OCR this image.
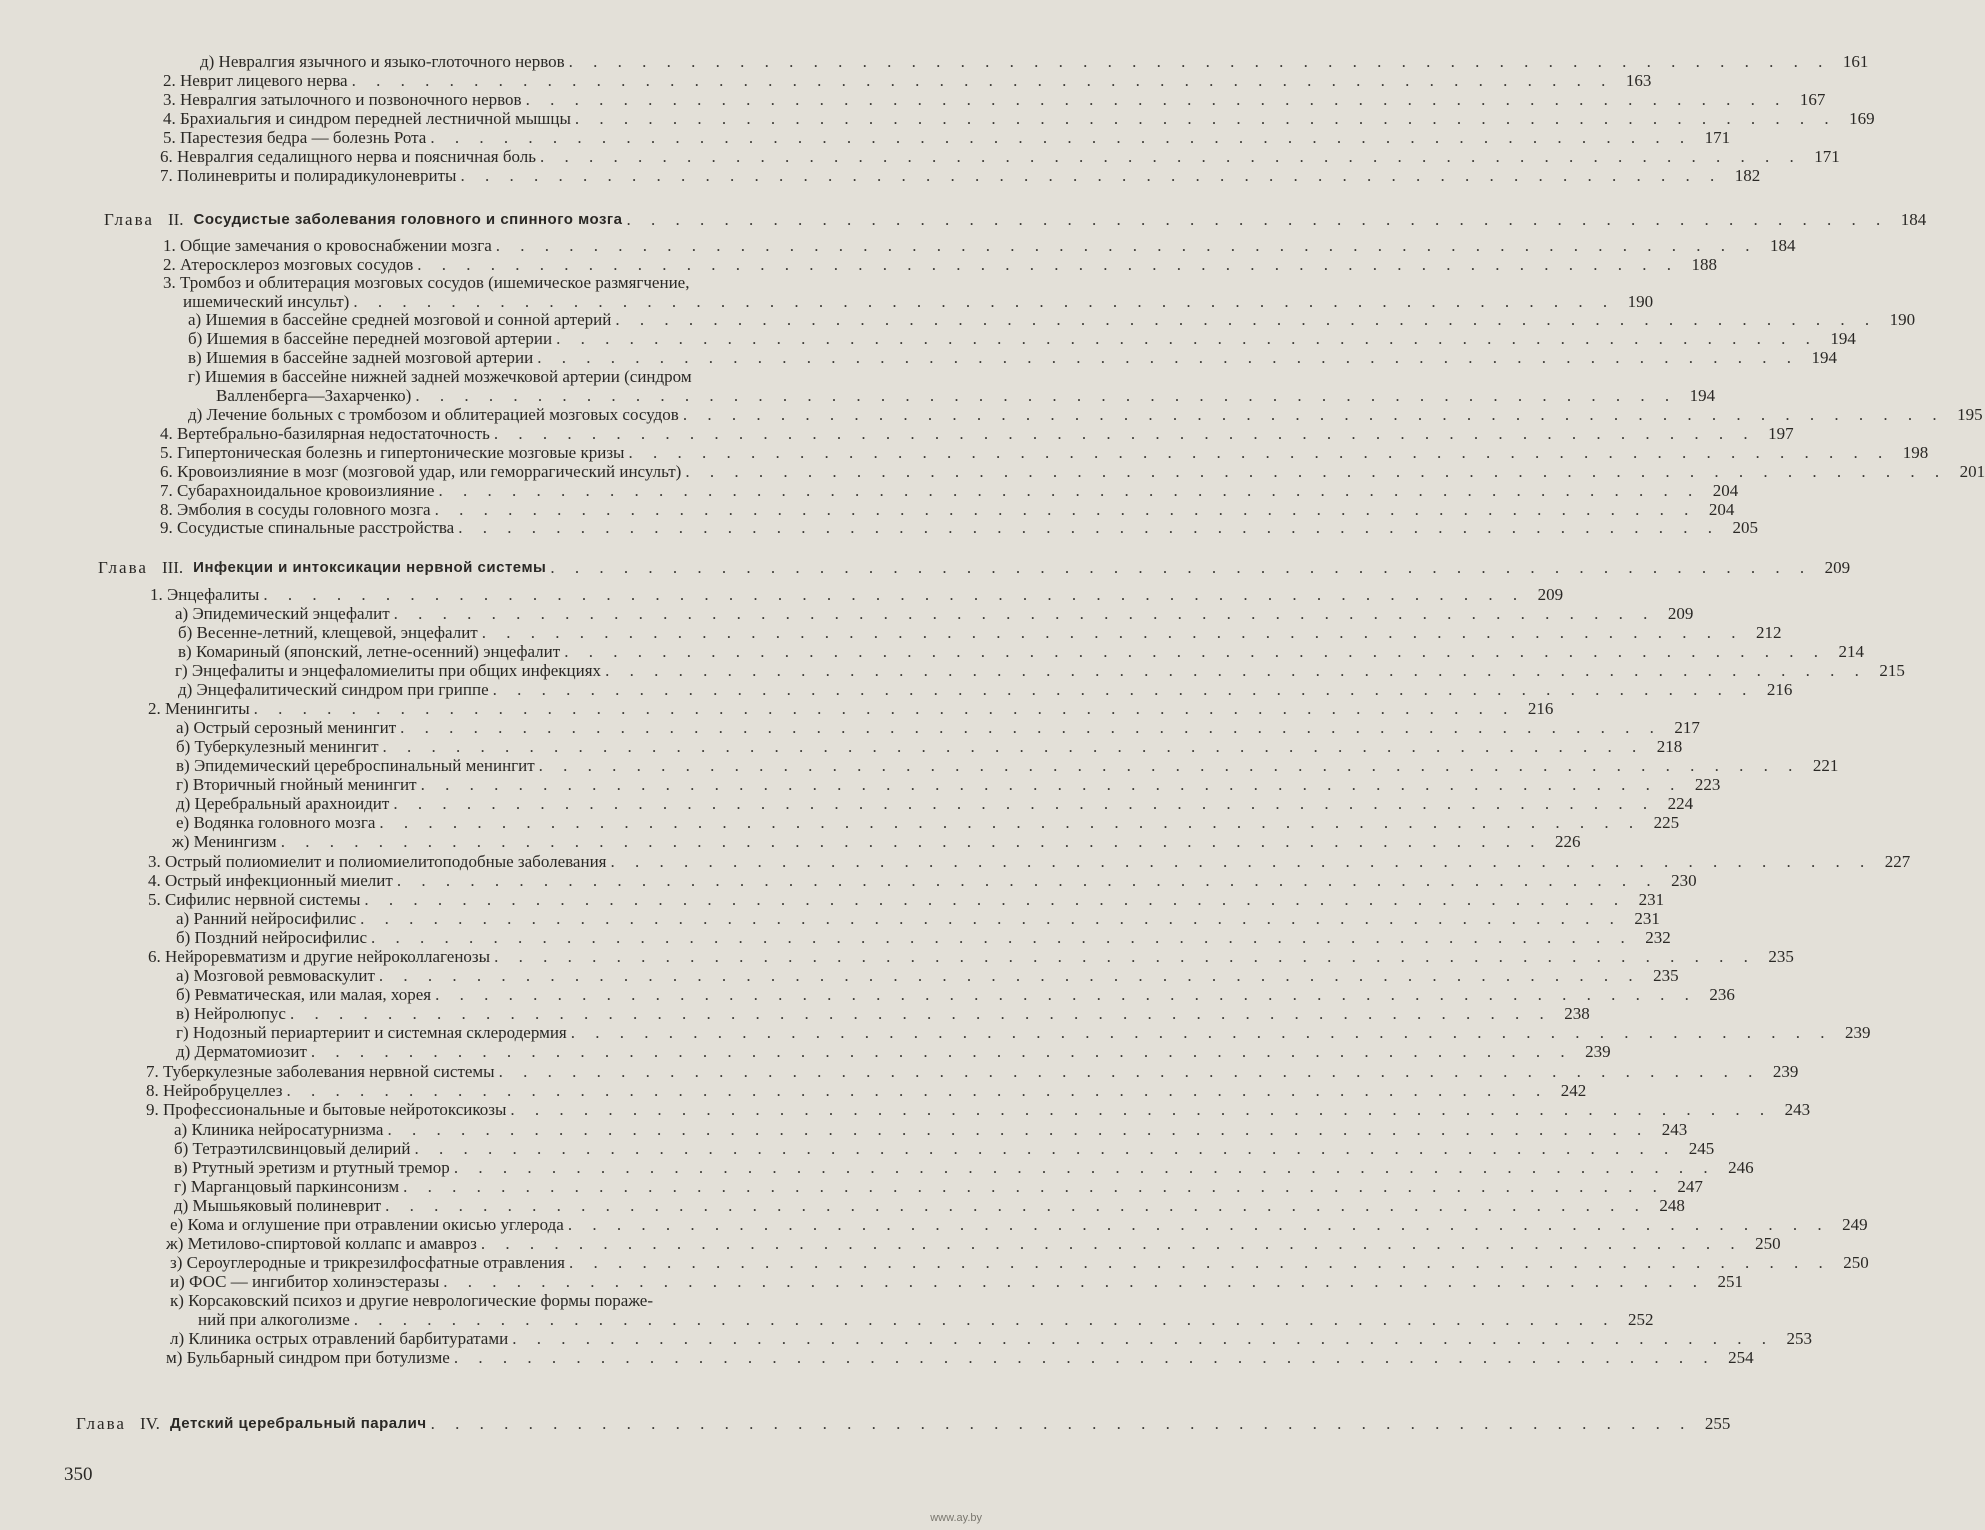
д) Невралгия язычного и языко-глоточного нервов . . . . . . . . . . . . . . . . . . . . . . . . . . . . . . . . . . . . . . . . . . . . . . . . . . . . 161
2. Неврит лицевого нерва . . . . . . . . . . . . . . . . . . . . . . . . . . . . . . . . . . . . . . . . . . . . . . . . . . . . 163
3. Невралгия затылочного и позвоночного нервов . . . . . . . . . . . . . . . . . . . . . . . . . . . . . . . . . . . . . . . . . . . . . . . . . . . . 167
4. Брахиальгия и синдром передней лестничной мышцы . . . . . . . . . . . . . . . . . . . . . . . . . . . . . . . . . . . . . . . . . . . . . . . . . . . . 169
5. Парестезия бедра — болезнь Рота . . . . . . . . . . . . . . . . . . . . . . . . . . . . . . . . . . . . . . . . . . . . . . . . . . . . 171
6. Невралгия седалищного нерва и поясничная боль . . . . . . . . . . . . . . . . . . . . . . . . . . . . . . . . . . . . . . . . . . . . . . . . . . . . 171
7. Полиневриты и полирадикулоневриты . . . . . . . . . . . . . . . . . . . . . . . . . . . . . . . . . . . . . . . . . . . . . . . . . . . . 182
Глава II. Сосудистые заболевания головного и спинного мозга . . . . . . . . . . . . . . . . . . . . . . . . . . . . . . . . . . . . . . . . . . . . . . . . . . . . 184
1. Общие замечания о кровоснабжении мозга . . . . . . . . . . . . . . . . . . . . . . . . . . . . . . . . . . . . . . . . . . . . . . . . . . . . 184
2. Атеросклероз мозговых сосудов . . . . . . . . . . . . . . . . . . . . . . . . . . . . . . . . . . . . . . . . . . . . . . . . . . . . 188
3. Тромбоз и облитерация мозговых сосудов (ишемическое размягчение,
ишемический инсульт) . . . . . . . . . . . . . . . . . . . . . . . . . . . . . . . . . . . . . . . . . . . . . . . . . . . . 190
а) Ишемия в бассейне средней мозговой и сонной артерий . . . . . . . . . . . . . . . . . . . . . . . . . . . . . . . . . . . . . . . . . . . . . . . . . . . . 190
б) Ишемия в бассейне передней мозговой артерии . . . . . . . . . . . . . . . . . . . . . . . . . . . . . . . . . . . . . . . . . . . . . . . . . . . . 194
в) Ишемия в бассейне задней мозговой артерии . . . . . . . . . . . . . . . . . . . . . . . . . . . . . . . . . . . . . . . . . . . . . . . . . . . . 194
г) Ишемия в бассейне нижней задней мозжечковой артерии (синдром
Валленберга—Захарченко) . . . . . . . . . . . . . . . . . . . . . . . . . . . . . . . . . . . . . . . . . . . . . . . . . . . . 194
д) Лечение больных с тромбозом и облитерацией мозговых сосудов . . . . . . . . . . . . . . . . . . . . . . . . . . . . . . . . . . . . . . . . . . . . . . . . . . . . 195
4. Вертебрально-базилярная недостаточность . . . . . . . . . . . . . . . . . . . . . . . . . . . . . . . . . . . . . . . . . . . . . . . . . . . . 197
5. Гипертоническая болезнь и гипертонические мозговые кризы . . . . . . . . . . . . . . . . . . . . . . . . . . . . . . . . . . . . . . . . . . . . . . . . . . . . 198
6. Кровоизлияние в мозг (мозговой удар, или геморрагический инсульт) . . . . . . . . . . . . . . . . . . . . . . . . . . . . . . . . . . . . . . . . . . . . . . . . . . . . 201
7. Субарахноидальное кровоизлияние . . . . . . . . . . . . . . . . . . . . . . . . . . . . . . . . . . . . . . . . . . . . . . . . . . . . 204
8. Эмболия в сосуды головного мозга . . . . . . . . . . . . . . . . . . . . . . . . . . . . . . . . . . . . . . . . . . . . . . . . . . . . 204
9. Сосудистые спинальные расстройства . . . . . . . . . . . . . . . . . . . . . . . . . . . . . . . . . . . . . . . . . . . . . . . . . . . . 205
Глава III. Инфекции и интоксикации нервной системы . . . . . . . . . . . . . . . . . . . . . . . . . . . . . . . . . . . . . . . . . . . . . . . . . . . . 209
1. Энцефалиты . . . . . . . . . . . . . . . . . . . . . . . . . . . . . . . . . . . . . . . . . . . . . . . . . . . . 209
а) Эпидемический энцефалит . . . . . . . . . . . . . . . . . . . . . . . . . . . . . . . . . . . . . . . . . . . . . . . . . . . . 209
б) Весенне-летний, клещевой, энцефалит . . . . . . . . . . . . . . . . . . . . . . . . . . . . . . . . . . . . . . . . . . . . . . . . . . . . 212
в) Комариный (японский, летне-осенний) энцефалит . . . . . . . . . . . . . . . . . . . . . . . . . . . . . . . . . . . . . . . . . . . . . . . . . . . . 214
г) Энцефалиты и энцефаломиелиты при общих инфекциях . . . . . . . . . . . . . . . . . . . . . . . . . . . . . . . . . . . . . . . . . . . . . . . . . . . . 215
д) Энцефалитический синдром при гриппе . . . . . . . . . . . . . . . . . . . . . . . . . . . . . . . . . . . . . . . . . . . . . . . . . . . . 216
2. Менингиты . . . . . . . . . . . . . . . . . . . . . . . . . . . . . . . . . . . . . . . . . . . . . . . . . . . . 216
а) Острый серозный менингит . . . . . . . . . . . . . . . . . . . . . . . . . . . . . . . . . . . . . . . . . . . . . . . . . . . . 217
б) Туберкулезный менингит . . . . . . . . . . . . . . . . . . . . . . . . . . . . . . . . . . . . . . . . . . . . . . . . . . . . 218
в) Эпидемический цереброспинальный менингит . . . . . . . . . . . . . . . . . . . . . . . . . . . . . . . . . . . . . . . . . . . . . . . . . . . . 221
г) Вторичный гнойный менингит . . . . . . . . . . . . . . . . . . . . . . . . . . . . . . . . . . . . . . . . . . . . . . . . . . . . 223
д) Церебральный арахноидит . . . . . . . . . . . . . . . . . . . . . . . . . . . . . . . . . . . . . . . . . . . . . . . . . . . . 224
е) Водянка головного мозга . . . . . . . . . . . . . . . . . . . . . . . . . . . . . . . . . . . . . . . . . . . . . . . . . . . . 225
ж) Менингизм . . . . . . . . . . . . . . . . . . . . . . . . . . . . . . . . . . . . . . . . . . . . . . . . . . . . 226
3. Острый полиомиелит и полиомиелитоподобные заболевания . . . . . . . . . . . . . . . . . . . . . . . . . . . . . . . . . . . . . . . . . . . . . . . . . . . . 227
4. Острый инфекционный миелит . . . . . . . . . . . . . . . . . . . . . . . . . . . . . . . . . . . . . . . . . . . . . . . . . . . . 230
5. Сифилис нервной системы . . . . . . . . . . . . . . . . . . . . . . . . . . . . . . . . . . . . . . . . . . . . . . . . . . . . 231
а) Ранний нейросифилис . . . . . . . . . . . . . . . . . . . . . . . . . . . . . . . . . . . . . . . . . . . . . . . . . . . . 231
б) Поздний нейросифилис . . . . . . . . . . . . . . . . . . . . . . . . . . . . . . . . . . . . . . . . . . . . . . . . . . . . 232
6. Нейроревматизм и другие нейроколлагенозы . . . . . . . . . . . . . . . . . . . . . . . . . . . . . . . . . . . . . . . . . . . . . . . . . . . . 235
а) Мозговой ревмоваскулит . . . . . . . . . . . . . . . . . . . . . . . . . . . . . . . . . . . . . . . . . . . . . . . . . . . . 235
б) Ревматическая, или малая, хорея . . . . . . . . . . . . . . . . . . . . . . . . . . . . . . . . . . . . . . . . . . . . . . . . . . . . 236
в) Нейролюпус . . . . . . . . . . . . . . . . . . . . . . . . . . . . . . . . . . . . . . . . . . . . . . . . . . . . 238
г) Нодозный периартериит и системная склеродермия . . . . . . . . . . . . . . . . . . . . . . . . . . . . . . . . . . . . . . . . . . . . . . . . . . . . 239
д) Дерматомиозит . . . . . . . . . . . . . . . . . . . . . . . . . . . . . . . . . . . . . . . . . . . . . . . . . . . . 239
7. Туберкулезные заболевания нервной системы . . . . . . . . . . . . . . . . . . . . . . . . . . . . . . . . . . . . . . . . . . . . . . . . . . . . 239
8. Нейробруцеллез . . . . . . . . . . . . . . . . . . . . . . . . . . . . . . . . . . . . . . . . . . . . . . . . . . . . 242
9. Профессиональные и бытовые нейротоксикозы . . . . . . . . . . . . . . . . . . . . . . . . . . . . . . . . . . . . . . . . . . . . . . . . . . . . 243
а) Клиника нейросатурнизма . . . . . . . . . . . . . . . . . . . . . . . . . . . . . . . . . . . . . . . . . . . . . . . . . . . . 243
б) Тетраэтилсвинцовый делирий . . . . . . . . . . . . . . . . . . . . . . . . . . . . . . . . . . . . . . . . . . . . . . . . . . . . 245
в) Ртутный эретизм и ртутный тремор . . . . . . . . . . . . . . . . . . . . . . . . . . . . . . . . . . . . . . . . . . . . . . . . . . . . 246
г) Марганцовый паркинсонизм . . . . . . . . . . . . . . . . . . . . . . . . . . . . . . . . . . . . . . . . . . . . . . . . . . . . 247
д) Мышьяковый полиневрит . . . . . . . . . . . . . . . . . . . . . . . . . . . . . . . . . . . . . . . . . . . . . . . . . . . . 248
е) Кома и оглушение при отравлении окисью углерода . . . . . . . . . . . . . . . . . . . . . . . . . . . . . . . . . . . . . . . . . . . . . . . . . . . . 249
ж) Метилово-спиртовой коллапс и амавроз . . . . . . . . . . . . . . . . . . . . . . . . . . . . . . . . . . . . . . . . . . . . . . . . . . . . 250
з) Сероуглеродные и трикрезилфосфатные отравления . . . . . . . . . . . . . . . . . . . . . . . . . . . . . . . . . . . . . . . . . . . . . . . . . . . . 250
и) ФОС — ингибитор холинэстеразы . . . . . . . . . . . . . . . . . . . . . . . . . . . . . . . . . . . . . . . . . . . . . . . . . . . . 251
к) Корсаковский психоз и другие неврологические формы пораже-
ний при алкоголизме . . . . . . . . . . . . . . . . . . . . . . . . . . . . . . . . . . . . . . . . . . . . . . . . . . . . 252
л) Клиника острых отравлений барбитуратами . . . . . . . . . . . . . . . . . . . . . . . . . . . . . . . . . . . . . . . . . . . . . . . . . . . . 253
м) Бульбарный синдром при ботулизме . . . . . . . . . . . . . . . . . . . . . . . . . . . . . . . . . . . . . . . . . . . . . . . . . . . . 254
Глава IV. Детский церебральный паралич . . . . . . . . . . . . . . . . . . . . . . . . . . . . . . . . . . . . . . . . . . . . . . . . . . . . 255
350
www.ay.by
